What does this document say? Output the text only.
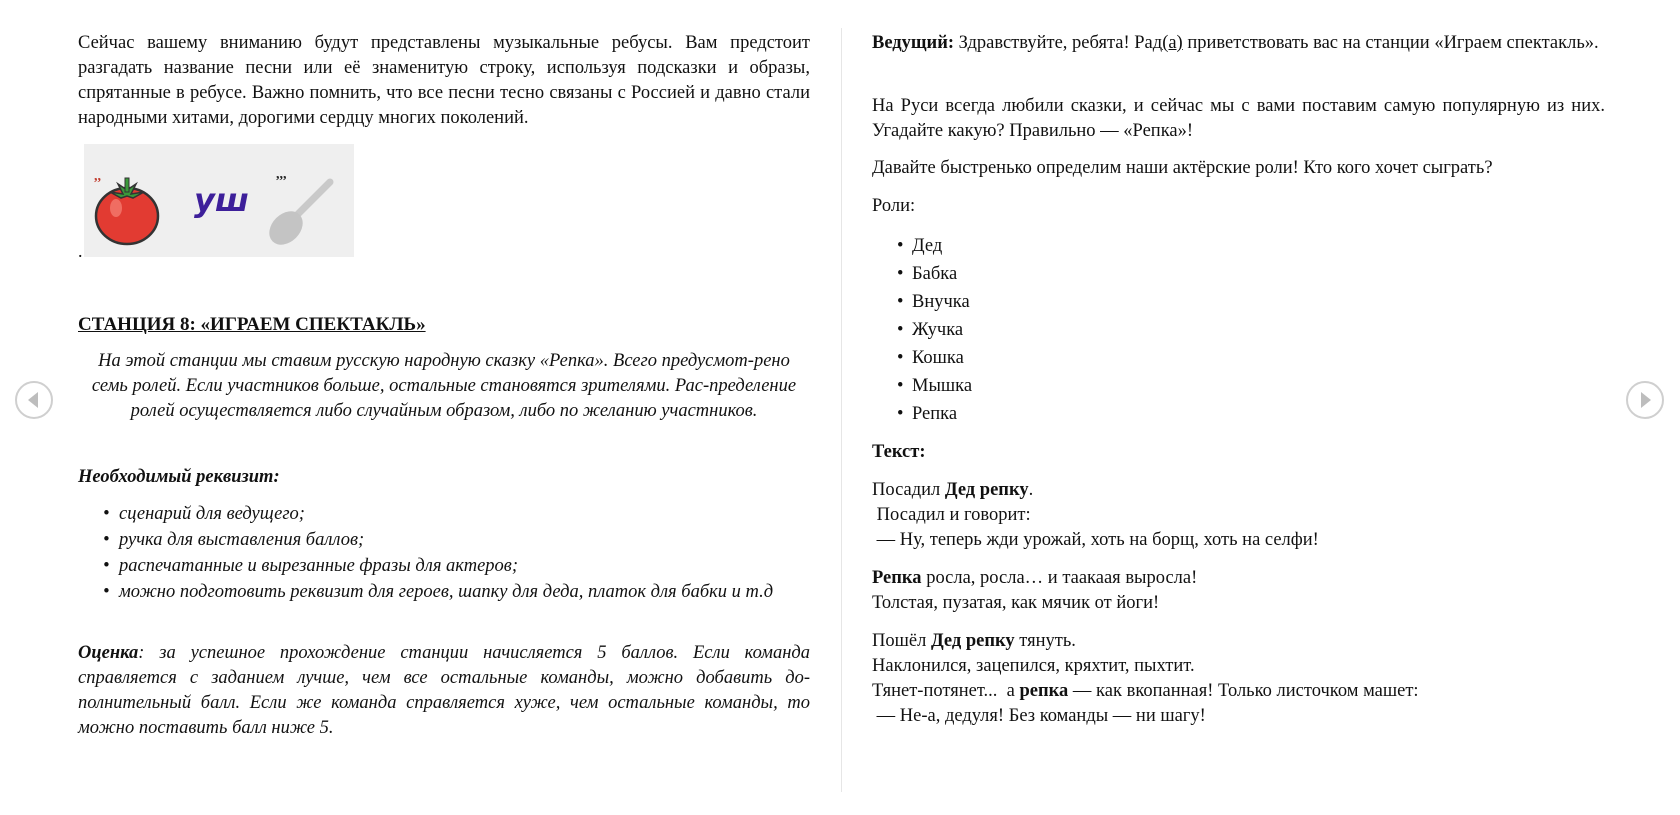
Сейчас вашему вниманию будут представлены музыкальные ребусы. Вам предстоит разгадать название песни или её знаменитую строку, используя подсказки и образы, спрятанные в ребусе. Важно помнить, что все песни тесно связаны с Россией и давно стали народными хитами, дорогими сердцу многих поколений.

,,
уш
,,,
.
СТАНЦИЯ 8: «ИГРАЕМ СПЕКТАКЛЬ»

На этой станции мы ставим русскую народную сказку «Репка». Всего предусмот-рено семь ролей. Если участников больше, остальные становятся зрителями. Рас-пределение ролей осуществляется либо случайным образом, либо по желанию участников.

Необходимый реквизит:
• сценарий для ведущего;
• ручка для выставления баллов;
• распечатанные и вырезанные фразы для актеров;
• можно подготовить реквизит для героев, шапку для деда, платок для бабки и т.д

Оценка: за успешное прохождение станции начисляется 5 баллов. Если команда справляется с заданием лучше, чем все остальные команды, можно добавить до-полнительный балл. Если же команда справляется хуже, чем остальные команды, то можно поставить балл ниже 5.

Ведущий: Здравствуйте, ребята! Рад(а) приветствовать вас на станции «Играем спектакль».

На Руси всегда любили сказки, и сейчас мы с вами поставим самую популярную из них. Угадайте какую? Правильно — «Репка»!

Давайте быстренько определим наши актёрские роли! Кто кого хочет сыграть?

Роли:

• Дед
• Бабка
• Внучка
• Жучка
• Кошка
• Мышка
• Репка

Текст:

Посадил Дед репку.
Посадил и говорит:
— Ну, теперь жди урожай, хоть на борщ, хоть на селфи!
Репка росла, росла… и таакаая выросла!
Толстая, пузатая, как мячик от йоги!
Пошёл Дед репку тянуть.
Наклонился, зацепился, кряхтит, пыхтит.
Тянет-потянет...  а репка — как вкопанная! Только листочком машет:
— Не-а, дедуля! Без команды — ни шагу!
